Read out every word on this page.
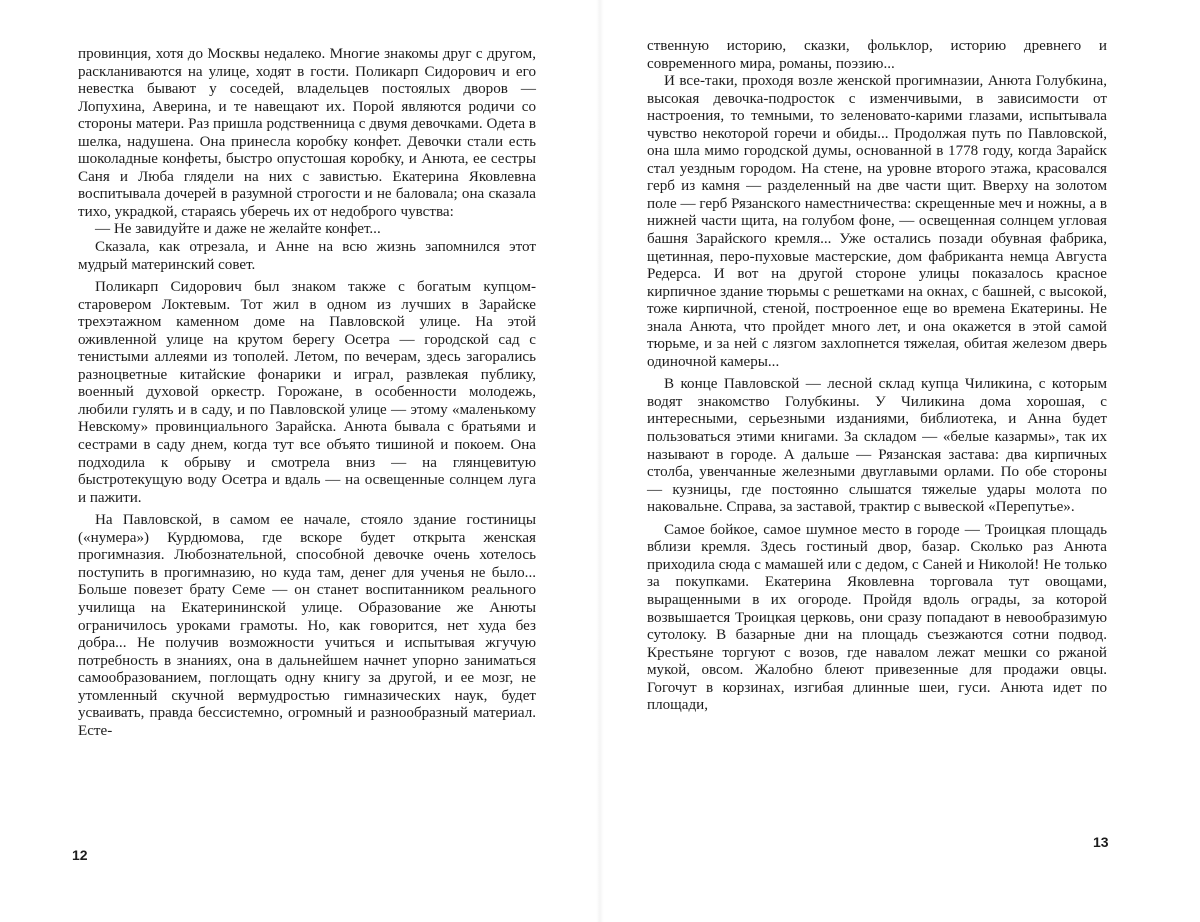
провинция, хотя до Москвы недалеко. Многие знакомы друг с другом, раскланиваются на улице, ходят в гости. Поликарп Сидорович и его невестка бывают у соседей, владельцев постоялых дворов — Лопухина, Аверина, и те навещают их. Порой являются родичи со стороны матери. Раз пришла родственница с двумя девочками. Одета в шелка, надушена. Она принесла коробку конфет. Девочки стали есть шоколадные конфеты, быстро опустошая коробку, и Анюта, ее сестры Саня и Люба глядели на них с завистью. Екатерина Яковлевна воспитывала дочерей в разумной строгости и не баловала; она сказала тихо, украдкой, стараясь уберечь их от недоброго чувства:

— Не завидуйте и даже не желайте конфет...

Сказала, как отрезала, и Анне на всю жизнь запомнился этот мудрый материнский совет.

Поликарп Сидорович был знаком также с богатым купцом-старовером Локтевым. Тот жил в одном из лучших в Зарайске трехэтажном каменном доме на Павловской улице. На этой оживленной улице на крутом берегу Осетра — городской сад с тенистыми аллеями из тополей. Летом, по вечерам, здесь загорались разноцветные китайские фонарики и играл, развлекая публику, военный духовой оркестр. Горожане, в особенности молодежь, любили гулять и в саду, и по Павловской улице — этому «маленькому Невскому» провинциального Зарайска. Анюта бывала с братьями и сестрами в саду днем, когда тут все объято тишиной и покоем. Она подходила к обрыву и смотрела вниз — на глянцевитую быстротекущую воду Осетра и вдаль — на освещенные солнцем луга и пажити.

На Павловской, в самом ее начале, стояло здание гостиницы («нумера») Курдюмова, где вскоре будет открыта женская прогимназия. Любознательной, способной девочке очень хотелось поступить в прогимназию, но куда там, денег для ученья не было... Больше повезет брату Семе — он станет воспитанником реального училища на Екатерининской улице. Образование же Анюты ограничилось уроками грамоты. Но, как говорится, нет худа без добра... Не получив возможности учиться и испытывая жгучую потребность в знаниях, она в дальнейшем начнет упорно заниматься самообразованием, поглощать одну книгу за другой, и ее мозг, не утомленный скучной вермудростью гимназических наук, будет усваивать, правда бессистемно, огромный и разнообразный материал. Есте-

12

ственную историю, сказки, фольклор, историю древнего и современного мира, романы, поэзию...

И все-таки, проходя возле женской прогимназии, Анюта Голубкина, высокая девочка-подросток с изменчивыми, в зависимости от настроения, то темными, то зеленовато-карими глазами, испытывала чувство некоторой горечи и обиды... Продолжая путь по Павловской, она шла мимо городской думы, основанной в 1778 году, когда Зарайск стал уездным городом. На стене, на уровне второго этажа, красовался герб из камня — разделенный на две части щит. Вверху на золотом поле — герб Рязанского наместничества: скрещенные меч и ножны, а в нижней части щита, на голубом фоне, — освещенная солнцем угловая башня Зарайского кремля... Уже остались позади обувная фабрика, щетинная, перо-пуховые мастерские, дом фабриканта немца Августа Редерса. И вот на другой стороне улицы показалось красное кирпичное здание тюрьмы с решетками на окнах, с башней, с высокой, тоже кирпичной, стеной, построенное еще во времена Екатерины. Не знала Анюта, что пройдет много лет, и она окажется в этой самой тюрьме, и за ней с лязгом захлопнется тяжелая, обитая железом дверь одиночной камеры...

В конце Павловской — лесной склад купца Чиликина, с которым водят знакомство Голубкины. У Чиликина дома хорошая, с интересными, серьезными изданиями, библиотека, и Анна будет пользоваться этими книгами. За складом — «белые казармы», так их называют в городе. А дальше — Рязанская застава: два кирпичных столба, увенчанные железными двуглавыми орлами. По обе стороны — кузницы, где постоянно слышатся тяжелые удары молота по наковальне. Справа, за заставой, трактир с вывеской «Перепутье».

Самое бойкое, самое шумное место в городе — Троицкая площадь вблизи кремля. Здесь гостиный двор, базар. Сколько раз Анюта приходила сюда с мамашей или с дедом, с Саней и Николой! Не только за покупками. Екатерина Яковлевна торговала тут овощами, выращенными в их огороде. Пройдя вдоль ограды, за которой возвышается Троицкая церковь, они сразу попадают в невообразимую сутолоку. В базарные дни на площадь съезжаются сотни подвод. Крестьяне торгуют с возов, где навалом лежат мешки со ржаной мукой, овсом. Жалобно блеют привезенные для продажи овцы. Гогочут в корзинах, изгибая длинные шеи, гуси. Анюта идет по площади,

13
